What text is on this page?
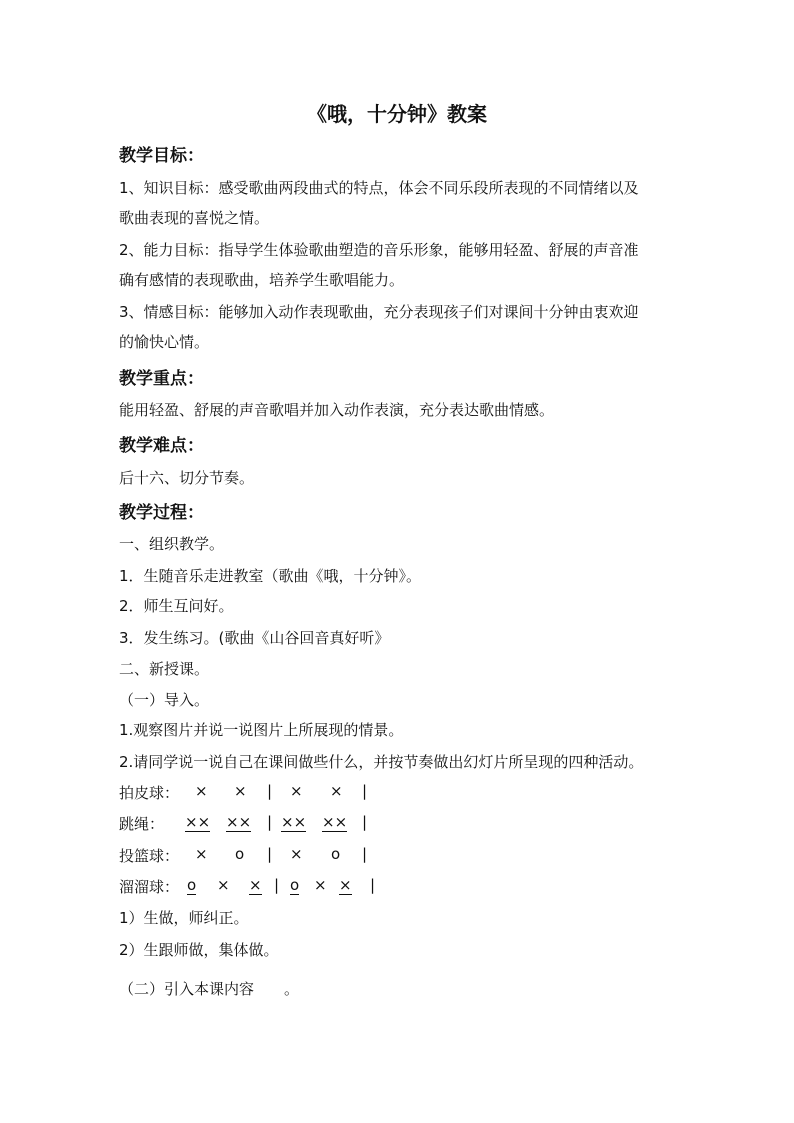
《哦，十分钟》教案
教学目标：
1、知识目标：感受歌曲两段曲式的特点，体会不同乐段所表现的不同情绪以及
歌曲表现的喜悦之情。
2、能力目标：指导学生体验歌曲塑造的音乐形象，能够用轻盈、舒展的声音准
确有感情的表现歌曲，培养学生歌唱能力。
3、情感目标：能够加入动作表现歌曲，充分表现孩子们对课间十分钟由衷欢迎
的愉快心情。
教学重点：
能用轻盈、舒展的声音歌唱并加入动作表演，充分表达歌曲情感。
教学难点：
后十六、切分节奏。
教学过程：
一、组织教学。
1．生随音乐走进教室（歌曲《哦，十分钟》。
2．师生互问好。
3．发生练习。(歌曲《山谷回音真好听》
二、新授课。
（一）导入。
1.观察图片并说一说图片上所展现的情景。
2.请同学说一说自己在课间做些什么，并按节奏做出幻灯片所呈现的四种活动。
拍皮球： × × | × × |
跳绳： ×× ×× | ×× ×× |
投篮球： × o | × o |
溜溜球： o × × | o × × |
1）生做，师纠正。
2）生跟师做，集体做。
（二）引入本课内容　　。
